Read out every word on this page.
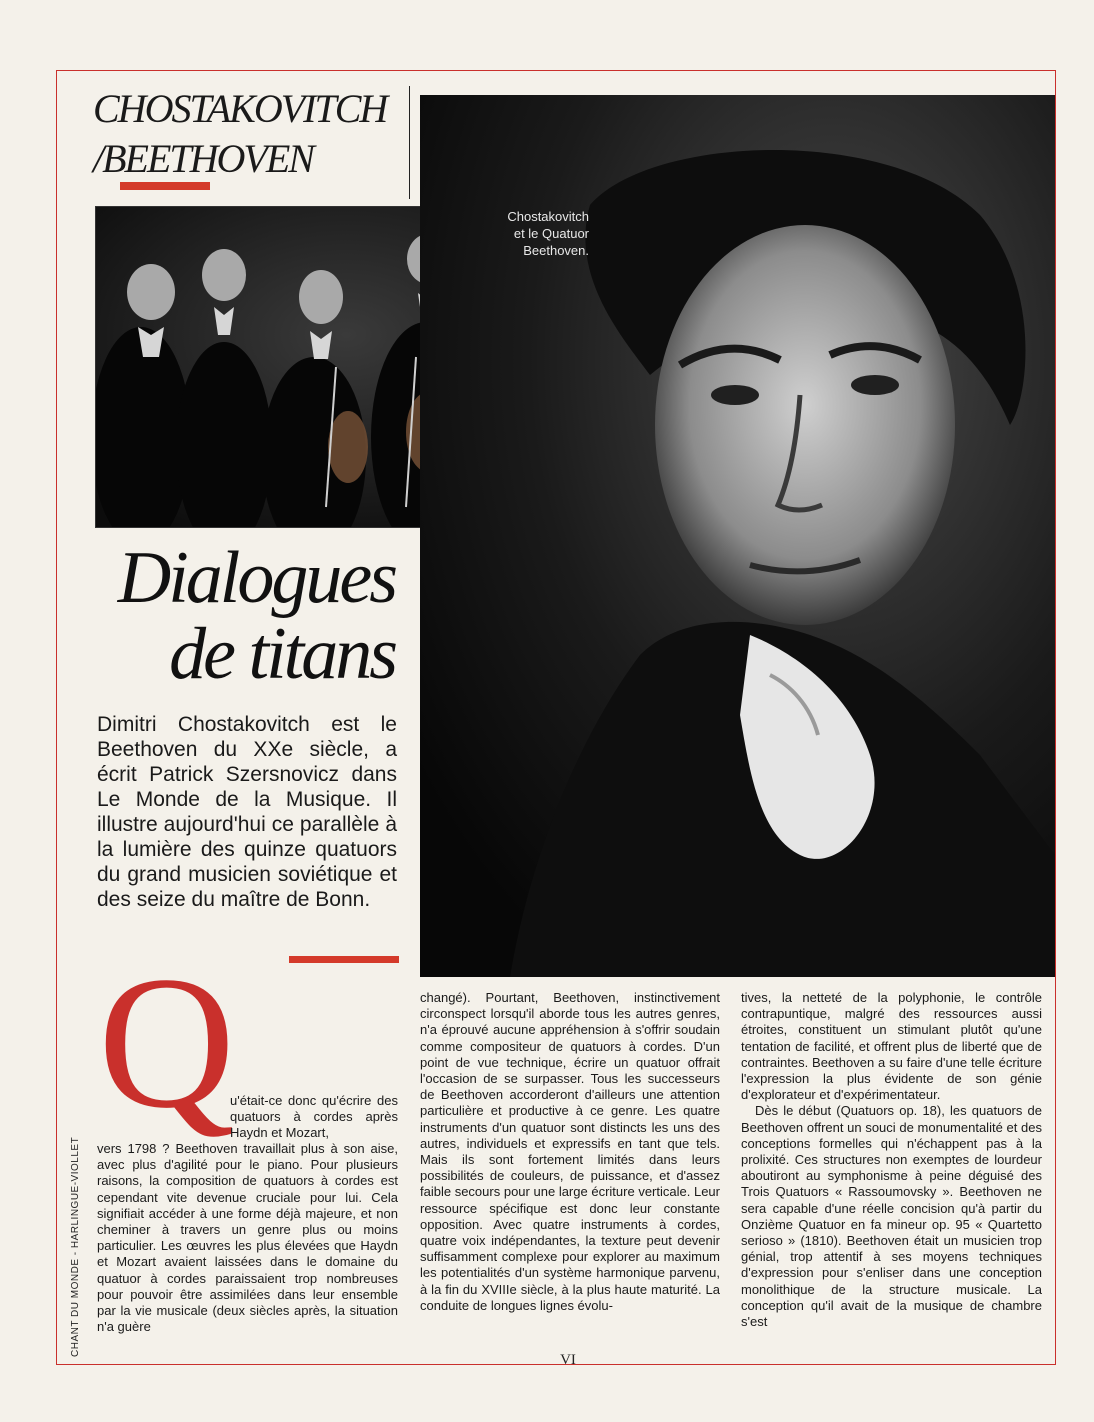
CHOSTAKOVITCH
/BEETHOVEN
Chostakovitch
et le Quatuor
Beethoven.
Dialogues
de titans
Dimitri Chostakovitch est le Beethoven du XXe siècle, a écrit Patrick Szersnovicz dans Le Monde de la Musique. Il illustre aujourd'hui ce parallèle à la lumière des quinze quatuors du grand musicien soviétique et des seize du maître de Bonn.
Q

u'était-ce donc qu'écrire des quatuors à cordes après Haydn et Mozart,

vers 1798 ? Beethoven travaillait plus à son aise, avec plus d'agilité pour le piano. Pour plusieurs raisons, la composition de quatuors à cordes est cependant vite devenue cruciale pour lui. Cela signifiait accéder à une forme déjà majeure, et non cheminer à travers un genre plus ou moins particulier. Les œuvres les plus élevées que Haydn et Mozart avaient laissées dans le domaine du quatuor à cordes paraissaient trop nombreuses pour pouvoir être assimilées dans leur ensemble par la vie musicale (deux siècles après, la situation n'a guère

changé). Pourtant, Beethoven, instinctivement circonspect lorsqu'il aborde tous les autres genres, n'a éprouvé aucune appréhension à s'offrir soudain comme compositeur de quatuors à cordes. D'un point de vue technique, écrire un quatuor offrait l'occasion de se surpasser. Tous les successeurs de Beethoven accorderont d'ailleurs une attention particulière et productive à ce genre. Les quatre instruments d'un quatuor sont distincts les uns des autres, individuels et expressifs en tant que tels. Mais ils sont fortement limités dans leurs possibilités de couleurs, de puissance, et d'assez faible secours pour une large écriture verticale. Leur ressource spécifique est donc leur constante opposition. Avec quatre instruments à cordes, quatre voix indépendantes, la texture peut devenir suffisamment complexe pour explorer au maximum les potentialités d'un système harmonique parvenu, à la fin du XVIIIe siècle, à la plus haute maturité. La conduite de longues lignes évolu-

tives, la netteté de la polyphonie, le contrôle contrapuntique, malgré des ressources aussi étroites, constituent un stimulant plutôt qu'une tentation de facilité, et offrent plus de liberté que de contraintes. Beethoven a su faire d'une telle écriture l'expression la plus évidente de son génie d'explorateur et d'expérimentateur.

Dès le début (Quatuors op. 18), les quatuors de Beethoven offrent un souci de monumentalité et des conceptions formelles qui n'échappent pas à la prolixité. Ces structures non exemptes de lourdeur aboutiront au symphonisme à peine déguisé des Trois Quatuors « Rassoumovsky ». Beethoven ne sera capable d'une réelle concision qu'à partir du Onzième Quatuor en fa mineur op. 95 « Quartetto serioso » (1810). Beethoven était un musicien trop génial, trop attentif à ses moyens techniques d'expression pour s'enliser dans une conception monolithique de la structure musicale. La conception qu'il avait de la musique de chambre s'est

CHANT DU MONDE - HARLINGUE-VIOLLET
VI
